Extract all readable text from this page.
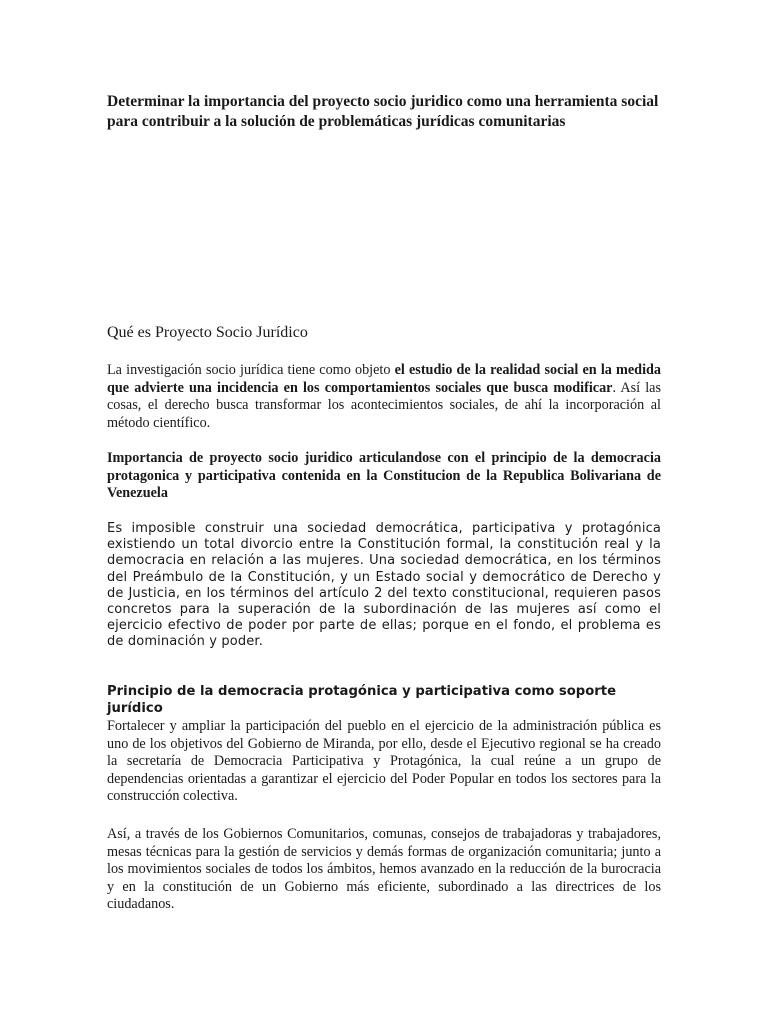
Determinar la importancia del proyecto socio juridico como una herramienta social para contribuir a la solución de problemáticas jurídicas comunitarias
Qué es Proyecto Socio Jurídico

La investigación socio jurídica tiene como objeto el estudio de la realidad social en la medida que advierte una incidencia en los comportamientos sociales que busca modificar. Así las cosas, el derecho busca transformar los acontecimientos sociales, de ahí la incorporación al método científico.

Importancia de proyecto socio juridico articulandose con el principio de la democracia protagonica y participativa contenida en la Constitucion de la Republica Bolivariana de Venezuela

Es imposible construir una sociedad democrática, participativa y protagónica existiendo un total divorcio entre la Constitución formal, la constitución real y la democracia en relación a las mujeres. Una sociedad democrática, en los términos del Preámbulo de la Constitución, y un Estado social y democrático de Derecho y de Justicia, en los términos del artículo 2 del texto constitucional, requieren pasos concretos para la superación de la subordinación de las mujeres así como el ejercicio efectivo de poder por parte de ellas; porque en el fondo, el problema es de dominación y poder.

Principio de la democracia protagónica y participativa como soporte jurídico

Fortalecer y ampliar la participación del pueblo en el ejercicio de la administración pública es uno de los objetivos del Gobierno de Miranda, por ello, desde el Ejecutivo regional se ha creado la secretaría de Democracia Participativa y Protagónica, la cual reúne a un grupo de dependencias orientadas a garantizar el ejercicio del Poder Popular en todos los sectores para la construcción colectiva.

Así, a través de los Gobiernos Comunitarios, comunas, consejos de trabajadoras y trabajadores, mesas técnicas para la gestión de servicios y demás formas de organización comunitaria; junto a los movimientos sociales de todos los ámbitos, hemos avanzado en la reducción de la burocracia y en la constitución de un Gobierno más eficiente, subordinado a las directrices de los ciudadanos.
